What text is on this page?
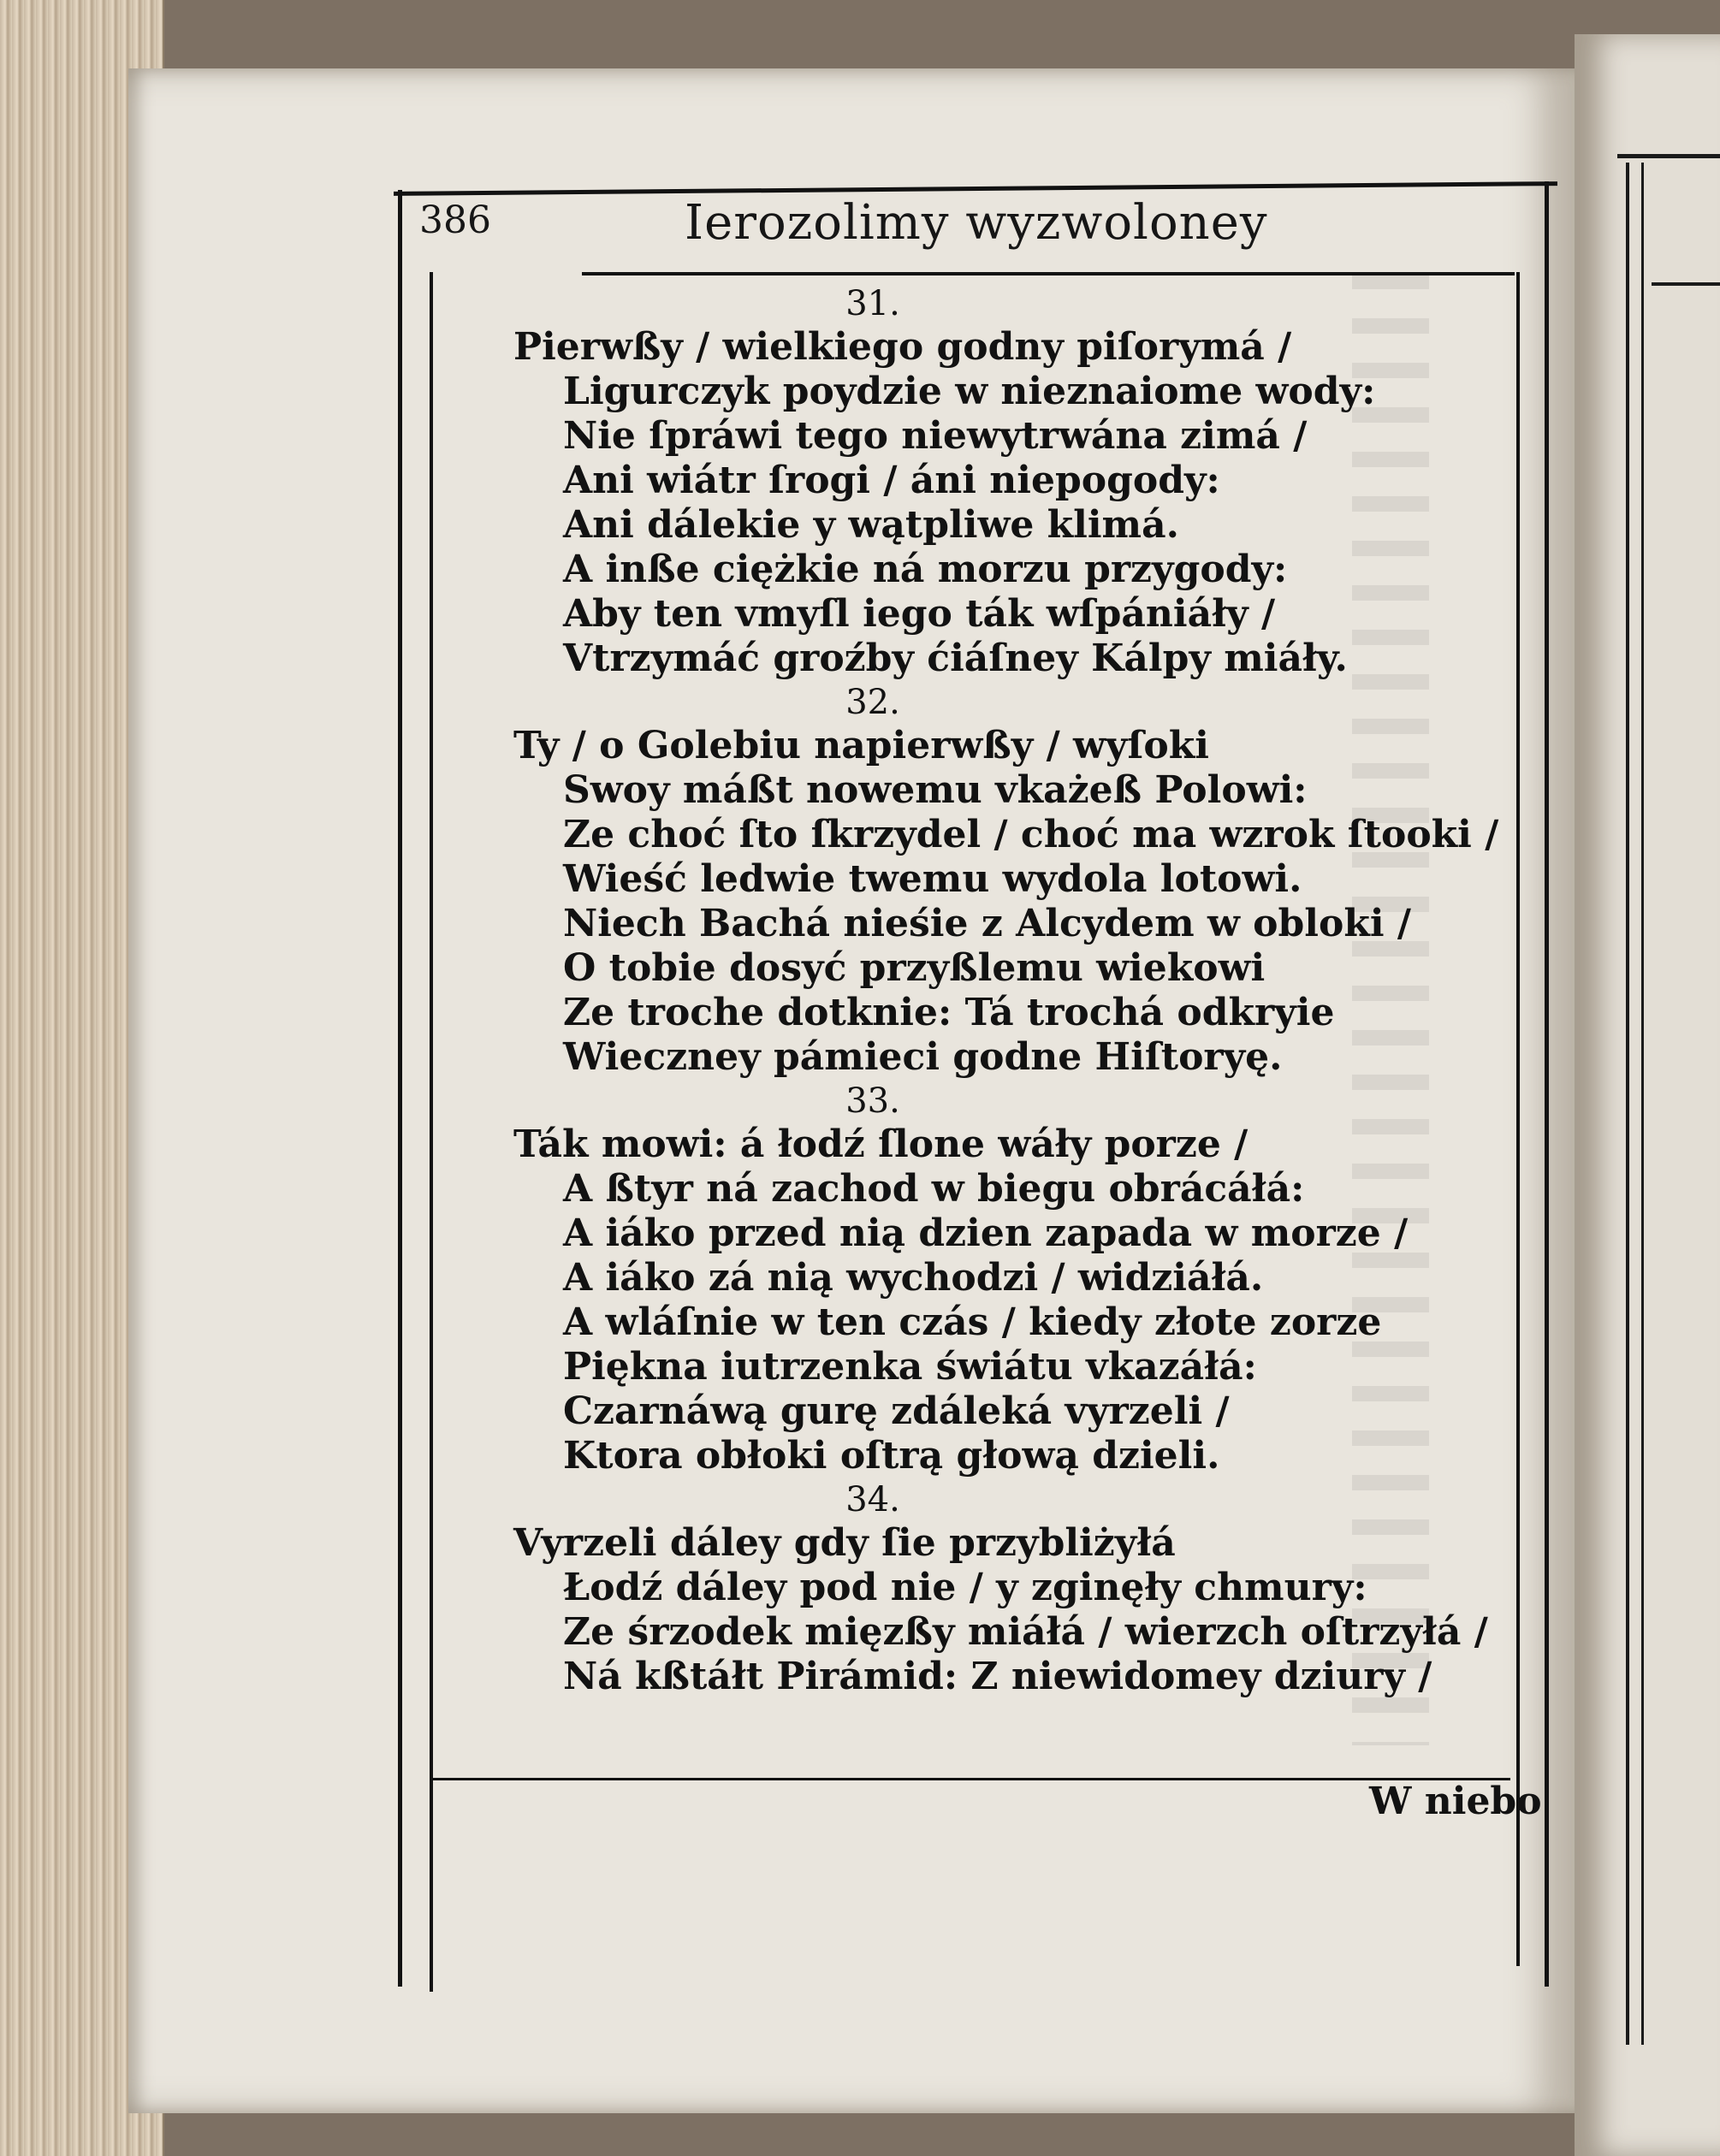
386	Ierozolimy wyzwoloney
31.
Pierwßy / wielkiego godny piſorymá /
Ligurczyk poydzie w nieznaiome wody:
Nie ſpráwi tego niewytrwána zimá /
Ani wiátr ſrogi / áni niepogody:
Ani dálekie y wątpliwe klimá.
A inße ciężkie ná morzu przygody:
Aby ten vmyſl iego ták wſpániáły /
Vtrzymáć groźby ćiáſney Kálpy miáły.
32.
Ty / o Golebiu napierwßy / wyſoki
Swoy máßt nowemu vkażeß Polowi:
Ze choć ſto ſkrzydel / choć ma wzrok ſtooki /
Wieść ledwie twemu wydola lotowi.
Niech Bachá nieśie z Alcydem w obloki /
O tobie dosyć przyßlemu wiekowi
Ze troche dotknie: Tá trochá odkryie
Wieczney pámieci godne Hiſtoryę.
33.
Ták mowi: á łodź ſlone wáły porze /
A ßtyr ná zachod w biegu obrácáłá:
A iáko przed nią dzien zapada w morze /
A iáko zá nią wychodzi / widziáłá.
A wláſnie w ten czás / kiedy złote zorze
Piękna iutrzenka świátu vkazáłá:
Czarnáwą gurę zdáleká vyrzeli /
Ktora obłoki oſtrą głową dzieli.
34.
Vyrzeli dáley gdy ſie przybliżyłá
Łodź dáley pod nie / y zginęły chmury:
Ze śrzodek mięzßy miáłá / wierzch oſtrzyłá /
Ná kßtáłt Pirámid: Z niewidomey dziury /
W niebo
